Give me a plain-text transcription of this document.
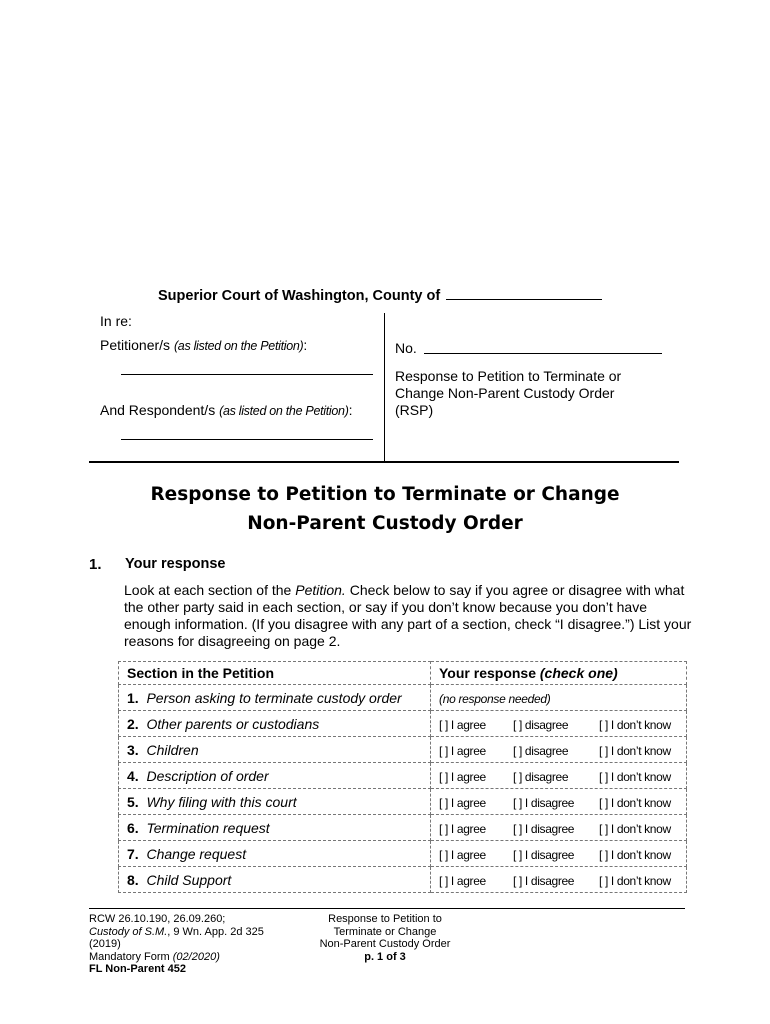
Superior Court of Washington, County of
In re:
Petitioner/s (as listed on the Petition):
And Respondent/s (as listed on the Petition):
No.
Response to Petition to Terminate or
Change Non-Parent Custody Order
(RSP)
Response to Petition to Terminate or Change
Non-Parent Custody Order
1. Your response
Look at each section of the Petition. Check below to say if you agree or disagree with what the other party said in each section, or say if you don’t know because you don’t have enough information. (If you disagree with any part of a section, check “I disagree.”) List your reasons for disagreeing on page 2.
Section in the Petition	Your response (check one)
1. Person asking to terminate custody order	(no response needed)
2. Other parents or custodians	[ ] I agree [ ] disagree [ ] I don’t know
3. Children	[ ] I agree [ ] disagree [ ] I don’t know
4. Description of order	[ ] I agree [ ] disagree [ ] I don’t know
5. Why filing with this court	[ ] I agree [ ] I disagree [ ] I don’t know
6. Termination request	[ ] I agree [ ] I disagree [ ] I don’t know
7. Change request	[ ] I agree [ ] I disagree [ ] I don’t know
8. Child Support	[ ] I agree [ ] I disagree [ ] I don’t know
RCW 26.10.190, 26.09.260;
Custody of S.M., 9 Wn. App. 2d 325
(2019)
Mandatory Form (02/2020)
FL Non-Parent 452
Response to Petition to
Terminate or Change
Non-Parent Custody Order
p. 1 of 3
